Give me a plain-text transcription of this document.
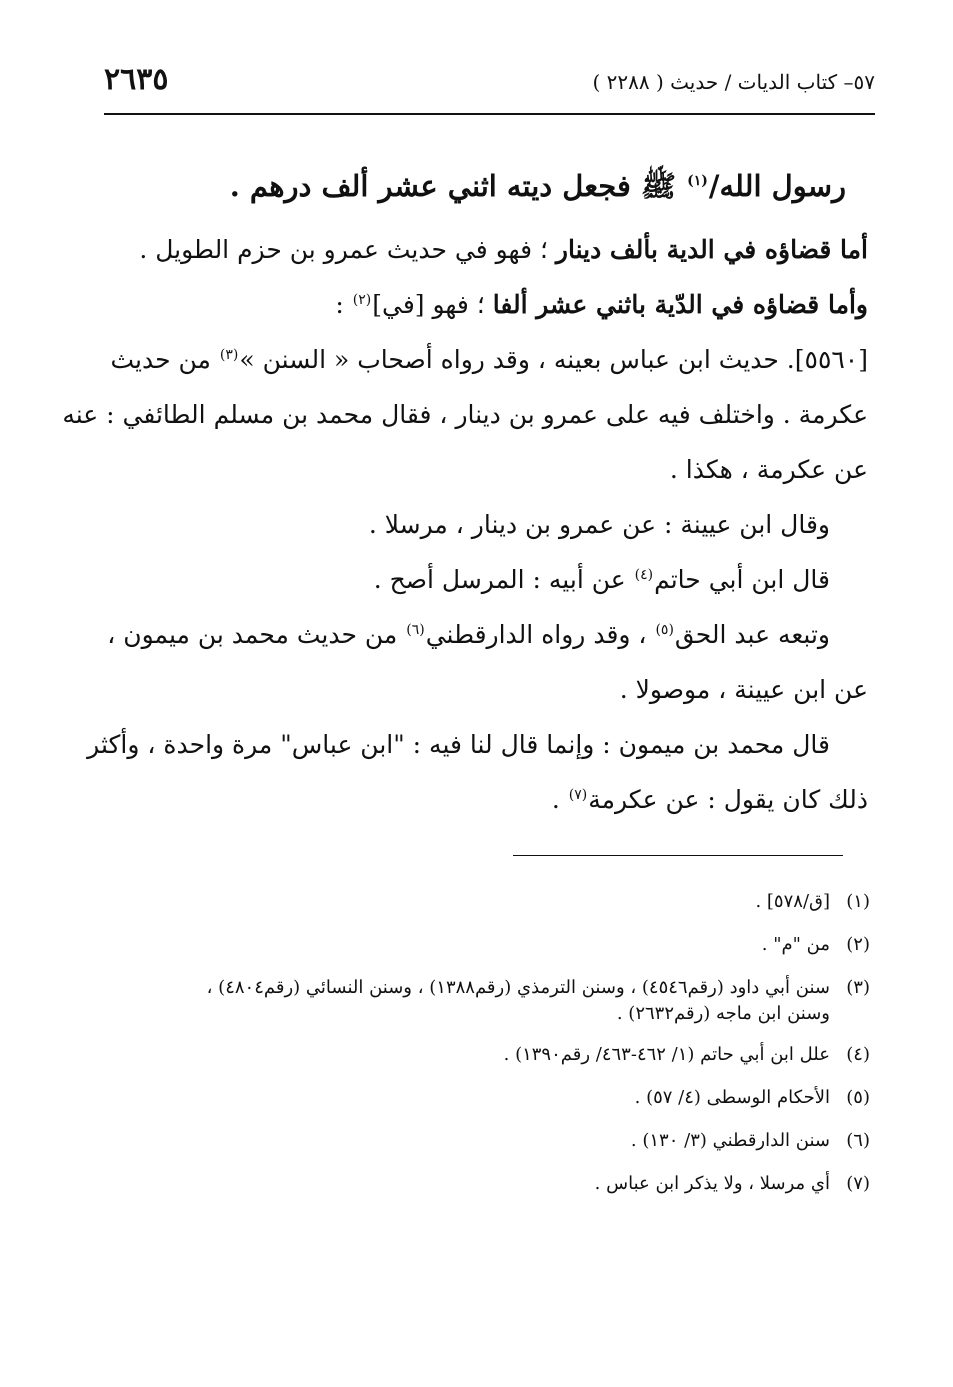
٥٧– كتاب الديات / حديث ( ٢٢٨٨ )
٢٦٣٥
رسول الله/$^{(١)}$ ﷺ فجعل ديته اثني عشر ألف درهم .
أما قضاؤه في الدية بألف دينار ؛ فهو في حديث عمرو بن حزم الطويل .
وأما قضاؤه في الدّية باثني عشر ألفا ؛ فهو [في]$^{(٢)}$ :
[٥٥٦٠]. حديث ابن عباس بعينه ، وقد رواه أصحاب « السنن »$^{(٣)}$ من حديث
عكرمة . واختلف فيه على عمرو بن دينار ، فقال محمد بن مسلم الطائفي : عنه
عن عكرمة ، هكذا .
وقال ابن عيينة : عن عمرو بن دينار ، مرسلا .
قال ابن أبي حاتم$^{(٤)}$ عن أبيه : المرسل أصح .
وتبعه عبد الحق$^{(٥)}$ ، وقد رواه الدارقطني$^{(٦)}$ من حديث محمد بن ميمون ،
عن ابن عيينة ، موصولا .
قال محمد بن ميمون : وإنما قال لنا فيه : "ابن عباس" مرة واحدة ، وأكثر
ذلك كان يقول : عن عكرمة$^{(٧)}$ .
(١)[ق/٥٧٨] .
(٢)من "م" .
(٣)سنن أبي داود (رقم٤٥٤٦) ، وسنن الترمذي (رقم١٣٨٨) ، وسنن النسائي (رقم٤٨٠٤) ،
وسنن ابن ماجه (رقم٢٦٣٢) .
(٤)علل ابن أبي حاتم (١/ ٤٦٢-٤٦٣/ رقم١٣٩٠) .
(٥)الأحكام الوسطى (٤/ ٥٧) .
(٦)سنن الدارقطني (٣/ ١٣٠) .
(٧)أي مرسلا ، ولا يذكر ابن عباس .
